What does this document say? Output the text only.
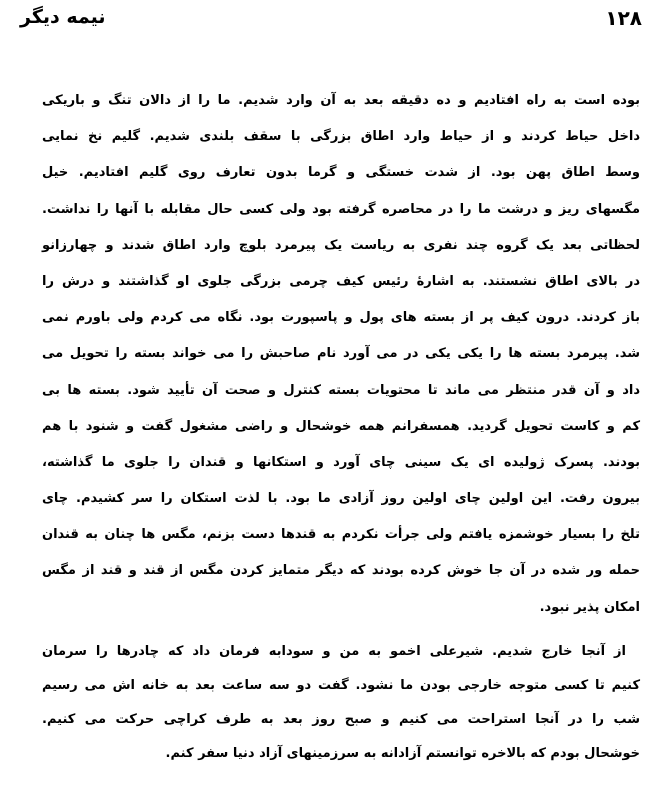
۱۲۸
نیمه دیگر
بوده است به راه افتادیم و ده دقیقه بعد به آن وارد شدیم. ما را از دالان تنگ و باریکی
داخل حیاط کردند و از حیاط وارد اطاق بزرگی با سقف بلندی شدیم. گلیم نخ نمایی
وسط اطاق پهن بود. از شدت خستگی و گرما بدون تعارف روی گلیم افتادیم. خیل
مگسهای ریز و درشت ما را در محاصره گرفته بود ولی کسی حال مقابله با آنها را نداشت.
لحظاتی بعد یک گروه چند نفری به ریاست یک پیرمرد بلوچ وارد اطاق شدند و چهارزانو
در بالای اطاق نشستند. به اشارهٔ رئیس کیف چرمی بزرگی جلوی او گذاشتند و درش را
باز کردند. درون کیف پر از بسته های پول و پاسپورت بود. نگاه می کردم ولی باورم نمی
شد. پیرمرد بسته ها را یکی یکی در می آورد نام صاحبش را می خواند بسته را تحویل می
داد و آن قدر منتظر می ماند تا محتویات بسته کنترل و صحت آن تأیید شود. بسته ها بی
کم و کاست تحویل گردید. همسفرانم همه خوشحال و راضی مشغول گفت و شنود با هم
بودند. پسرک ژولیده ای یک سینی چای آورد و استکانها و قندان را جلوی ما گذاشته،
بیرون رفت. این اولین چای اولین روز آزادی ما بود. با لذت استکان را سر کشیدم. چای
تلخ را بسیار خوشمزه یافتم ولی جرأت نکردم به قندها دست بزنم، مگس ها چنان به قندان
حمله ور شده در آن جا خوش کرده بودند که دیگر متمایز کردن مگس از قند و قند از مگس
امکان پذیر نبود.
از آنجا خارج شدیم. شیرعلی اخمو به من و سودابه فرمان داد که چادرها را سرمان
کنیم تا کسی متوجه خارجی بودن ما نشود. گفت دو سه ساعت بعد به خانه اش می رسیم
شب را در آنجا استراحت می کنیم و صبح روز بعد به طرف کراچی حرکت می کنیم.
خوشحال بودم که بالاخره توانستم آزادانه به سرزمینهای آزاد دنیا سفر کنم.
